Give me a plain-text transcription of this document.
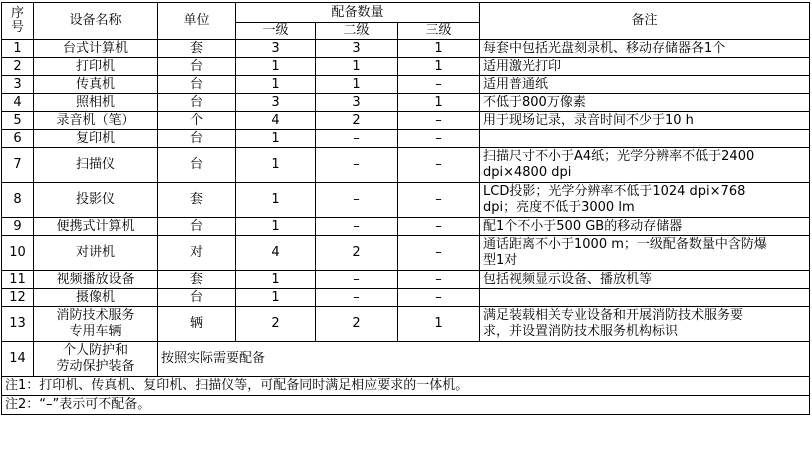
序
号	设备名称	单位	配备数量			备注
			一级	二级	三级	
1	台式计算机	套	3	3	1	每套中包括光盘刻录机、移动存储器各1个
2	打印机	台	1	1	1	适用激光打印
3	传真机	台	1	1	–	适用普通纸
4	照相机	台	3	3	1	不低于800万像素
5	录音机（笔）	个	4	2	–	用于现场记录，录音时间不少于10 h
6	复印机	台	1	–	–	
7	扫描仪	台	1	–	–	扫描尺寸不小于A4纸；光学分辨率不低于2400
dpi×4800 dpi
8	投影仪	套	1	–	–	LCD投影；光学分辨率不低于1024 dpi×768
dpi；亮度不低于3000 lm
9	便携式计算机	台	1	–	–	配1个不小于500 GB的移动存储器
10	对讲机	对	4	2	–	通话距离不小于1000 m；一级配备数量中含防爆
型1对
11	视频播放设备	套	1	–	–	包括视频显示设备、播放机等
12	摄像机	台	1	–	–	
13	消防技术服务
专用车辆	辆	2	2	1	满足装载相关专业设备和开展消防技术服务要
求，并设置消防技术服务机构标识
14	个人防护和
劳动保护装备	按照实际需要配备				
注1：打印机、传真机、复印机、扫描仪等，可配备同时满足相应要求的一体机。						
注2：“–”表示可不配备。						
